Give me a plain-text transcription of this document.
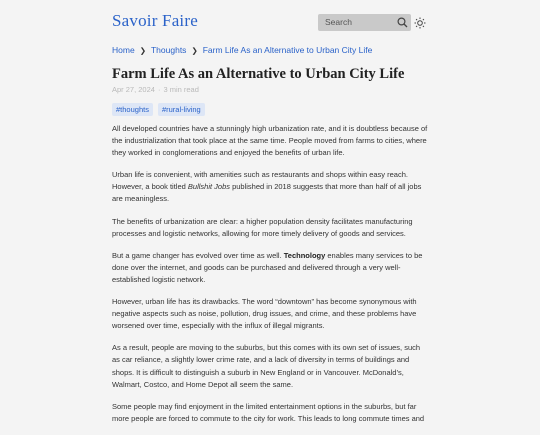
Savoir Faire	Search
Home ❯ Thoughts ❯ Farm Life As an Alternative to Urban City Life
Farm Life As an Alternative to Urban City Life
Apr 27, 2024 · 3 min read
#thoughts	#rural-living

All developed countries have a stunningly high urbanization rate, and it is doubtless because of the industrialization that took place at the same time. People moved from farms to cities, where they worked in conglomerations and enjoyed the benefits of urban life.

Urban life is convenient, with amenities such as restaurants and shops within easy reach. However, a book titled Bullshit Jobs published in 2018 suggests that more than half of all jobs are meaningless.

The benefits of urbanization are clear: a higher population density facilitates manufacturing processes and logistic networks, allowing for more timely delivery of goods and services.

But a game changer has evolved over time as well. Technology enables many services to be done over the internet, and goods can be purchased and delivered through a very well-established logistic network.

However, urban life has its drawbacks. The word “downtown” has become synonymous with negative aspects such as noise, pollution, drug issues, and crime, and these problems have worsened over time, especially with the influx of illegal migrants.

As a result, people are moving to the suburbs, but this comes with its own set of issues, such as car reliance, a slightly lower crime rate, and a lack of diversity in terms of buildings and shops. It is difficult to distinguish a suburb in New England or in Vancouver. McDonald’s, Walmart, Costco, and Home Depot all seem the same.

Some people may find enjoyment in the limited entertainment options in the suburbs, but far more people are forced to commute to the city for work. This leads to long commute times and
